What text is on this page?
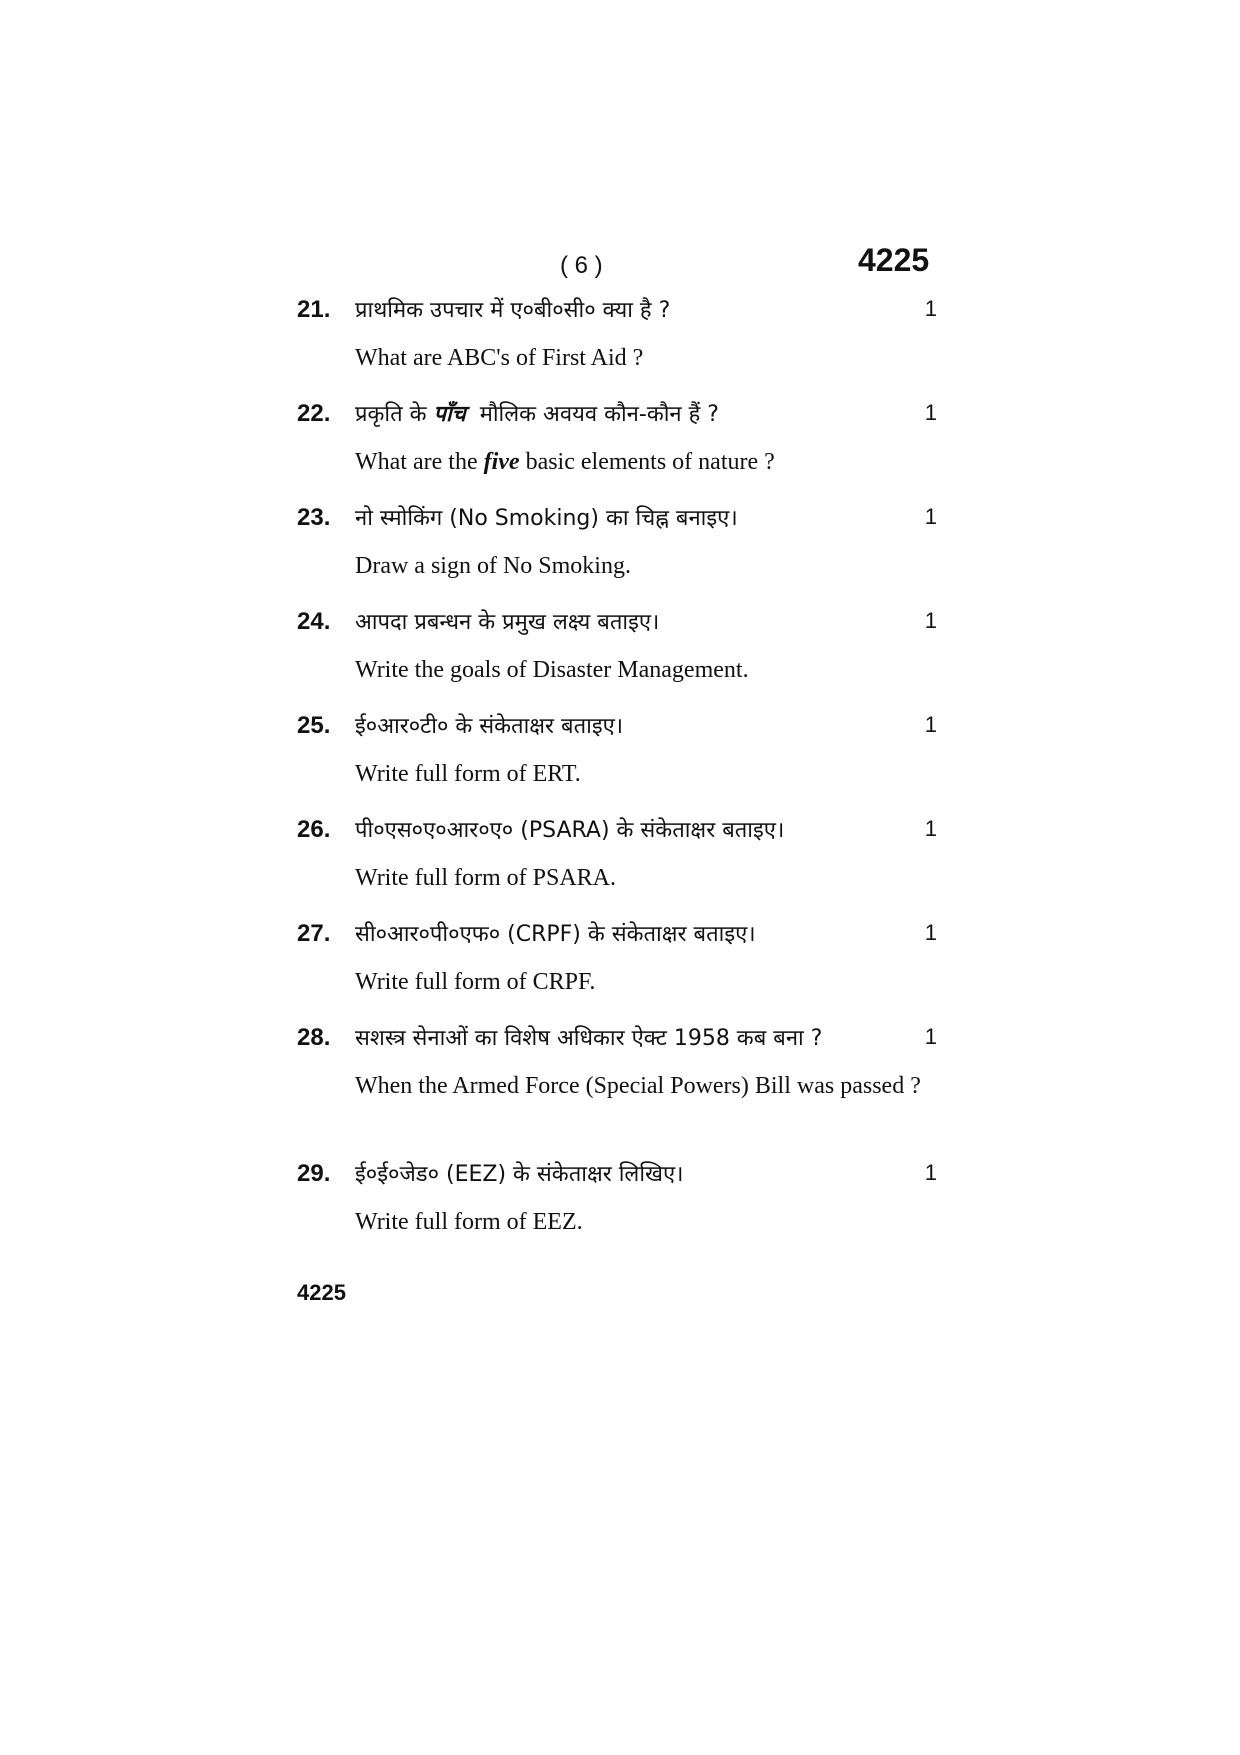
( 6 )	4225
21. प्राथमिक उपचार में ए०बी०सी० क्या है ?	1
What are ABC's of First Aid ?
22. प्रकृति के पाँच  मौलिक अवयव कौन-कौन हैं ?	1
What are the five basic elements of nature ?
23. नो स्मोकिंग (No Smoking) का चिह्न बनाइए।	1
Draw a sign of No Smoking.
24. आपदा प्रबन्धन के प्रमुख लक्ष्य बताइए।	1
Write the goals of Disaster Management.
25. ई०आर०टी० के संकेताक्षर बताइए।	1
Write full form of ERT.
26. पी०एस०ए०आर०ए० (PSARA) के संकेताक्षर बताइए।	1
Write full form of PSARA.
27. सी०आर०पी०एफ० (CRPF) के संकेताक्षर बताइए।	1
Write full form of CRPF.
28. सशस्त्र सेनाओं का विशेष अधिकार ऐक्ट 1958 कब बना ?	1
When the Armed Force (Special Powers) Bill was passed ?
29. ई०ई०जेड० (EEZ) के संकेताक्षर लिखिए।	1
Write full form of EEZ.
4225
